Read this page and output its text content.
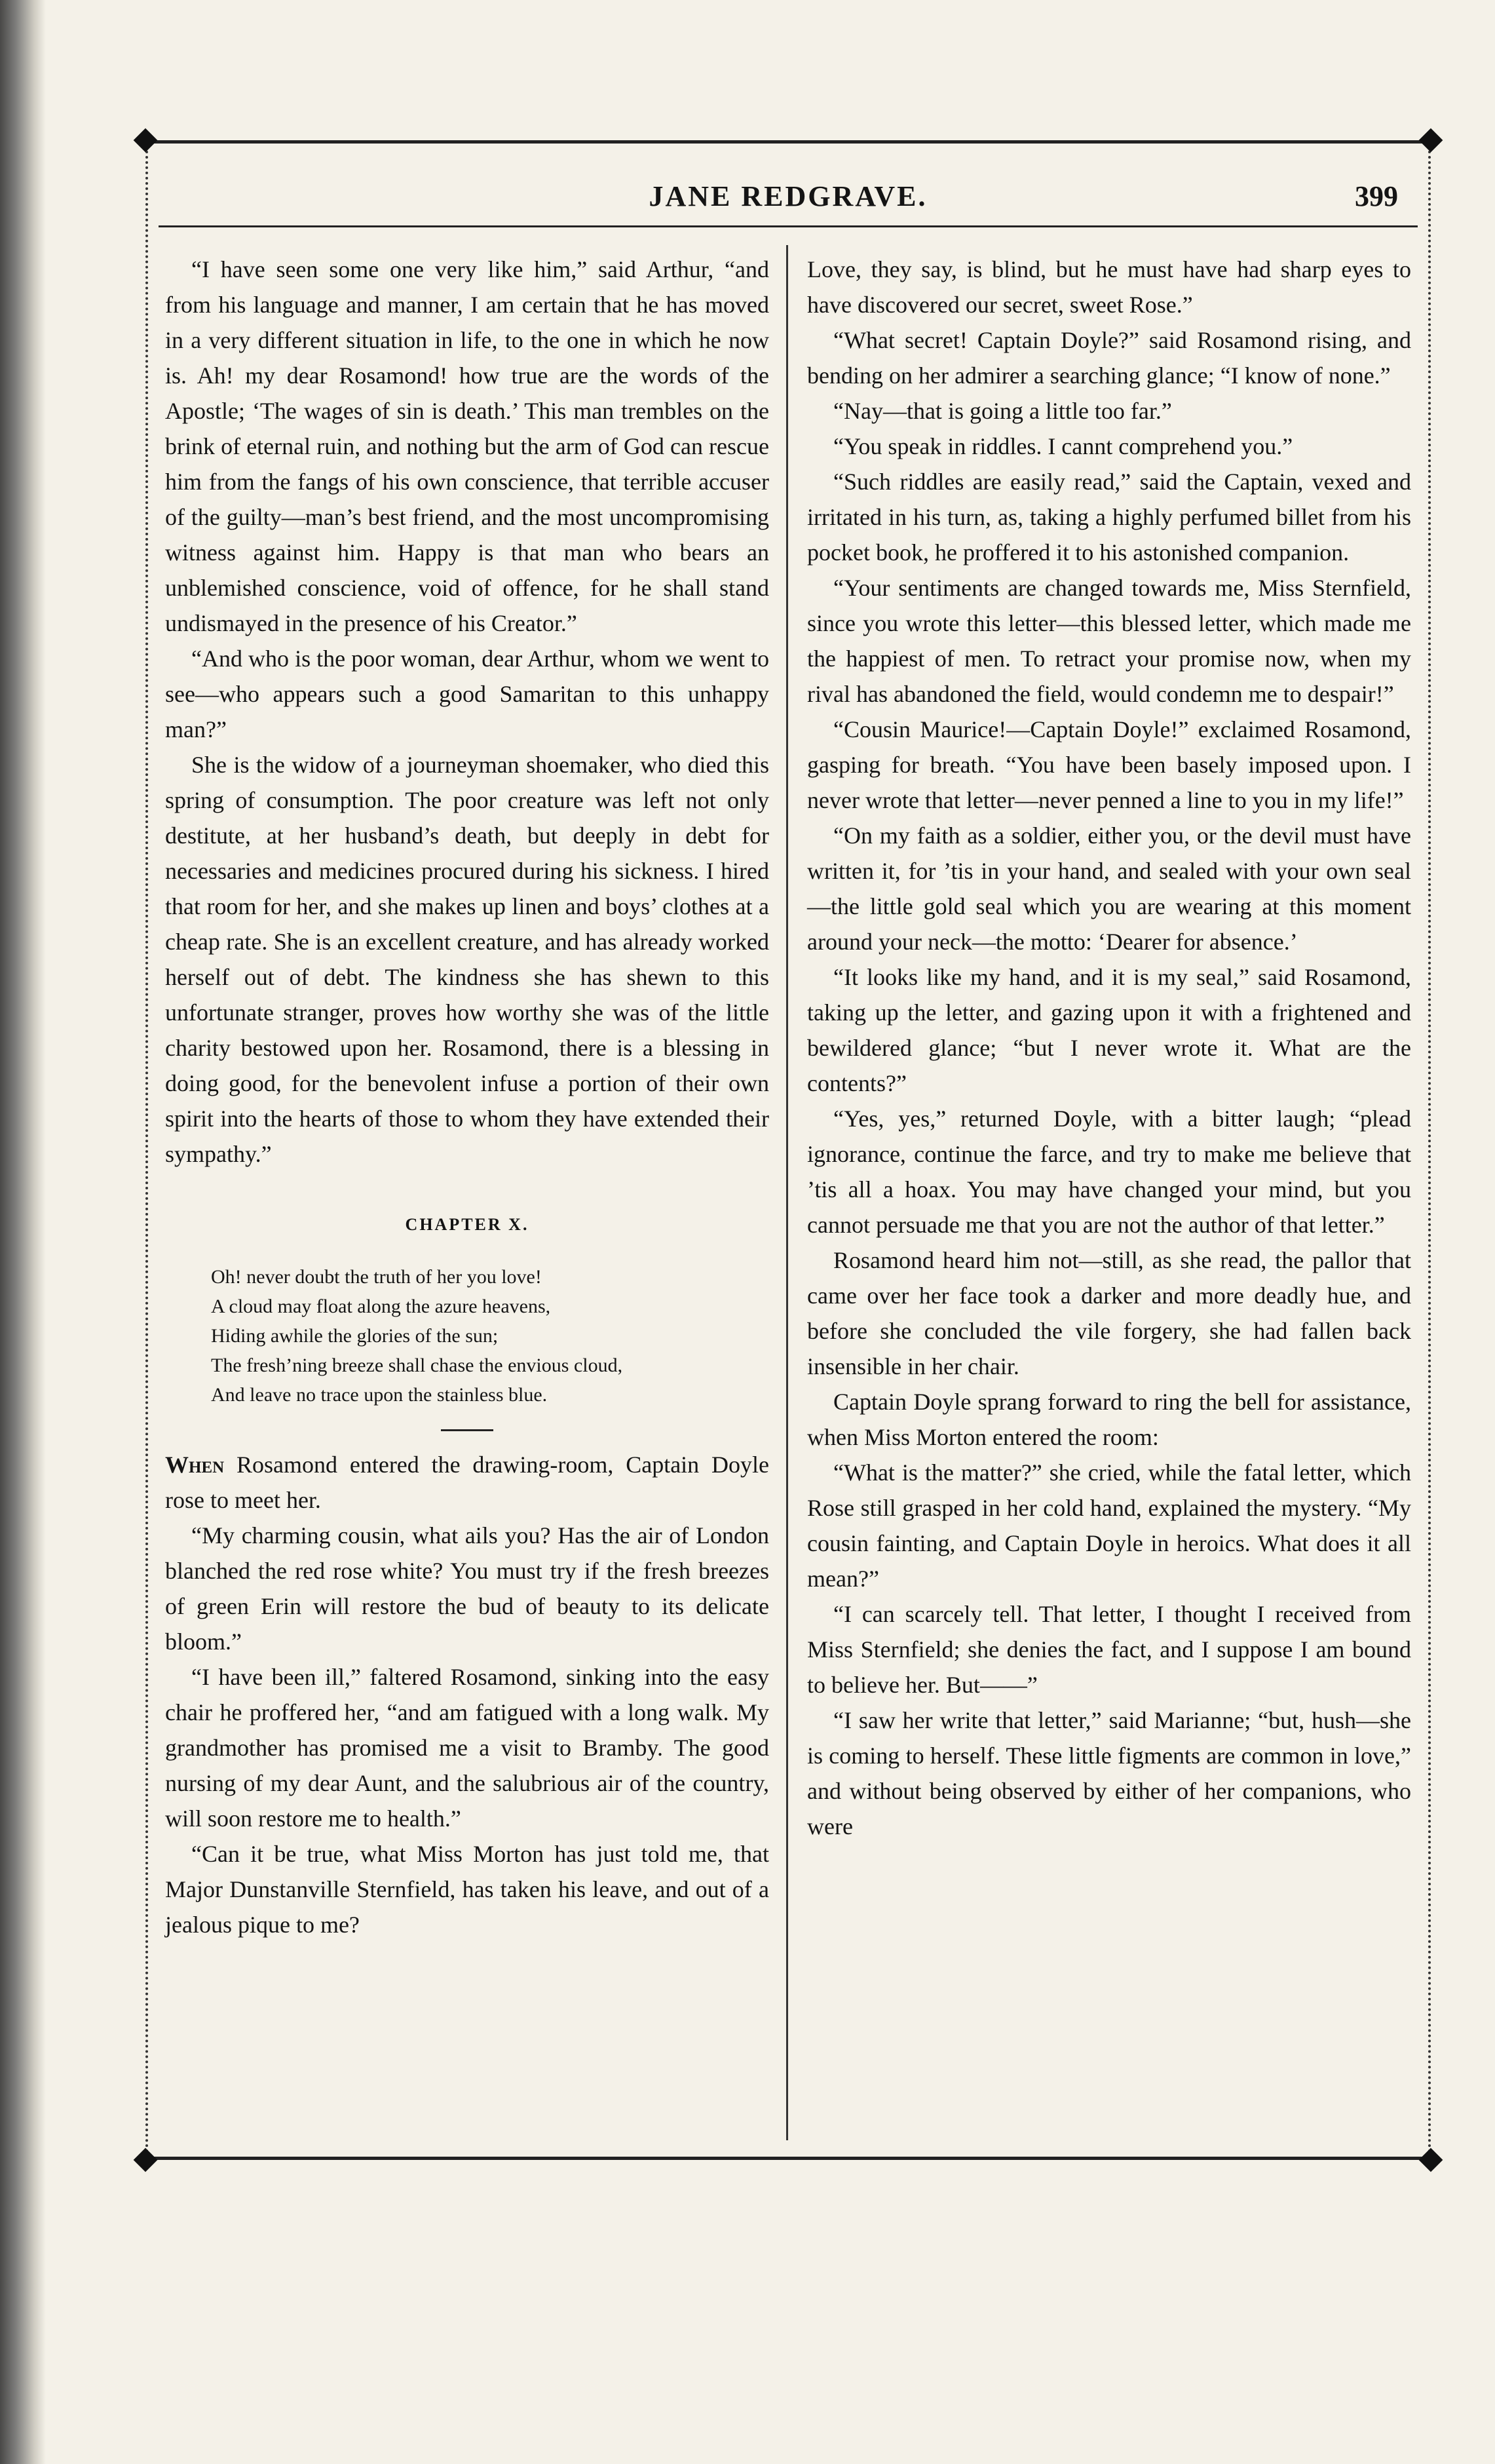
JANE REDGRAVE.	399

“I have seen some one very like him,” said Arthur, “and from his language and manner, I am certain that he has moved in a very different situation in life, to the one in which he now is. Ah! my dear Rosamond! how true are the words of the Apostle; ‘The wages of sin is death.’ This man trembles on the brink of eternal ruin, and nothing but the arm of God can rescue him from the fangs of his own conscience, that terrible accuser of the guilty—man’s best friend, and the most uncompromising witness against him. Happy is that man who bears an unblemished conscience, void of offence, for he shall stand undismayed in the presence of his Creator.”

“And who is the poor woman, dear Arthur, whom we went to see—who appears such a good Samaritan to this unhappy man?”

She is the widow of a journeyman shoemaker, who died this spring of consumption. The poor creature was left not only destitute, at her husband’s death, but deeply in debt for necessaries and medicines procured during his sickness. I hired that room for her, and she makes up linen and boys’ clothes at a cheap rate. She is an excellent creature, and has already worked herself out of debt. The kindness she has shewn to this unfortunate stranger, proves how worthy she was of the little charity bestowed upon her. Rosamond, there is a blessing in doing good, for the benevolent infuse a portion of their own spirit into the hearts of those to whom they have extended their sympathy.”

CHAPTER X.
Oh! never doubt the truth of her you love!
A cloud may float along the azure heavens,
Hiding awhile the glories of the sun;
The fresh’ning breeze shall chase the envious cloud,
And leave no trace upon the stainless blue.

When Rosamond entered the drawing-room, Captain Doyle rose to meet her.

“My charming cousin, what ails you? Has the air of London blanched the red rose white? You must try if the fresh breezes of green Erin will restore the bud of beauty to its delicate bloom.”

“I have been ill,” faltered Rosamond, sinking into the easy chair he proffered her, “and am fatigued with a long walk. My grandmother has promised me a visit to Bramby. The good nursing of my dear Aunt, and the salubrious air of the country, will soon restore me to health.”

“Can it be true, what Miss Morton has just told me, that Major Dunstanville Sternfield, has taken his leave, and out of a jealous pique to me?

Love, they say, is blind, but he must have had sharp eyes to have discovered our secret, sweet Rose.”

“What secret! Captain Doyle?” said Rosamond rising, and bending on her admirer a searching glance; “I know of none.”

“Nay—that is going a little too far.”

“You speak in riddles. I cannt comprehend you.”

“Such riddles are easily read,” said the Captain, vexed and irritated in his turn, as, taking a highly perfumed billet from his pocket book, he proffered it to his astonished companion.

“Your sentiments are changed towards me, Miss Sternfield, since you wrote this letter—this blessed letter, which made me the happiest of men. To retract your promise now, when my rival has abandoned the field, would condemn me to despair!”

“Cousin Maurice!—Captain Doyle!” exclaimed Rosamond, gasping for breath. “You have been basely imposed upon. I never wrote that letter—never penned a line to you in my life!”

“On my faith as a soldier, either you, or the devil must have written it, for ’tis in your hand, and sealed with your own seal—the little gold seal which you are wearing at this moment around your neck—the motto: ‘Dearer for absence.’

“It looks like my hand, and it is my seal,” said Rosamond, taking up the letter, and gazing upon it with a frightened and bewildered glance; “but I never wrote it. What are the contents?”

“Yes, yes,” returned Doyle, with a bitter laugh; “plead ignorance, continue the farce, and try to make me believe that ’tis all a hoax. You may have changed your mind, but you cannot persuade me that you are not the author of that letter.”

Rosamond heard him not—still, as she read, the pallor that came over her face took a darker and more deadly hue, and before she concluded the vile forgery, she had fallen back insensible in her chair.

Captain Doyle sprang forward to ring the bell for assistance, when Miss Morton entered the room:

“What is the matter?” she cried, while the fatal letter, which Rose still grasped in her cold hand, explained the mystery. “My cousin fainting, and Captain Doyle in heroics. What does it all mean?”

“I can scarcely tell. That letter, I thought I received from Miss Sternfield; she denies the fact, and I suppose I am bound to believe her. But——”

“I saw her write that letter,” said Marianne; “but, hush—she is coming to herself. These little figments are common in love,” and without being observed by either of her companions, who were
